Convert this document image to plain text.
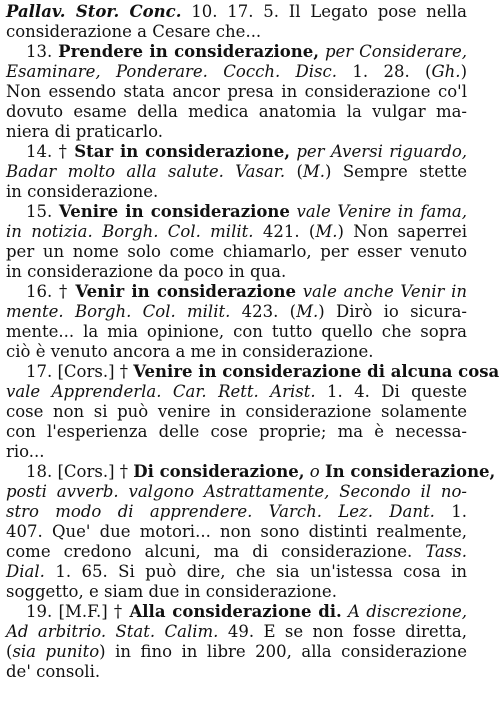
Pallav. Stor. Conc. 10. 17. 5. Il Legato pose nella
considerazione a Cesare che...
13. Prendere in considerazione, per Considerare,
Esaminare, Ponderare. Cocch. Disc. 1. 28. (Gh.)
Non essendo stata ancor presa in considerazione co'l
dovuto esame della medica anatomia la vulgar ma-
niera di praticarlo.
14. † Star in considerazione, per Aversi riguardo,
Badar molto alla salute. Vasar. (M.) Sempre stette
in considerazione.
15. Venire in considerazione vale Venire in fama,
in notizia. Borgh. Col. milit. 421. (M.) Non saperrei
per un nome solo come chiamarlo, per esser venuto
in considerazione da poco in qua.
16. † Venir in considerazione vale anche Venir in
mente. Borgh. Col. milit. 423. (M.) Dirò io sicura-
mente... la mia opinione, con tutto quello che sopra
ciò è venuto ancora a me in considerazione.
17. [Cors.] † Venire in considerazione di alcuna cosa
vale Apprenderla. Car. Rett. Arist. 1. 4. Di queste
cose non si può venire in considerazione solamente
con l'esperienza delle cose proprie; ma è necessa-
rio...
18. [Cors.] † Di considerazione, o In considerazione,
posti avverb. valgono Astrattamente, Secondo il no-
stro modo di apprendere. Varch. Lez. Dant. 1.
407. Que' due motori... non sono distinti realmente,
come credono alcuni, ma di considerazione. Tass.
Dial. 1. 65. Si può dire, che sia un'istessa cosa in
soggetto, e siam due in considerazione.
19. [M.F.] † Alla considerazione di. A discrezione,
Ad arbitrio. Stat. Calim. 49. E se non fosse diretta,
(sia punito) in fino in libre 200, alla considerazione
de' consoli.
